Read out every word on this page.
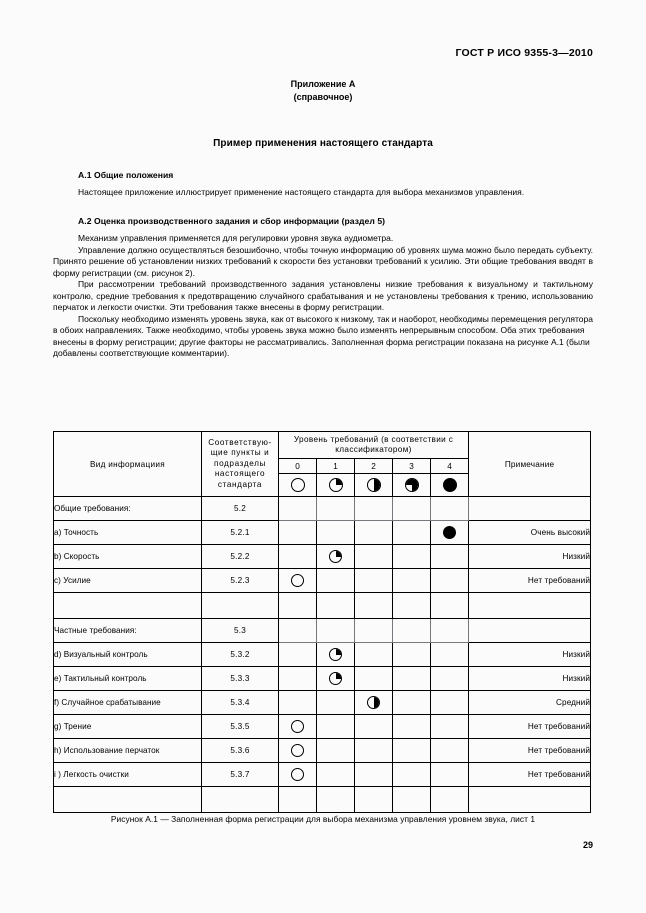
ГОСТ Р ИСО 9355-3—2010
Приложение А
(справочное)
Пример применения настоящего стандарта
А.1 Общие положения

Настоящее приложение иллюстрирует применение настоящего стандарта для выбора механизмов управления.

А.2 Оценка производственного задания и сбор информации (раздел 5)

Механизм управления применяется для регулировки уровня звука аудиометра.

Управление должно осуществляться безошибочно, чтобы точную информацию об уровнях шума можно было передать субъекту. Принято решение об установлении низких требований к скорости без установки требований к усилию. Эти общие требования вводят в форму регистрации (см. рисунок 2).

При рассмотрении требований производственного задания установлены низкие требования к визуальному и тактильному контролю, средние требования к предотвращению случайного срабатывания и не установлены требования к трению, использованию перчаток и легкости очистки. Эти требования также внесены в форму регистрации.

Поскольку необходимо изменять уровень звука, как от высокого к низкому, так и наоборот, необходимы перемещения регулятора в обоих направлениях. Также необходимо, чтобы уровень звука можно было изменять непрерывным способом. Оба этих требования внесены в форму регистрации; другие факторы не рассматривались. Заполненная форма регистрации показана на рисунке А.1 (были добавлены соответствующие комментарии).

Вид информациия	Соответствую- щие пункты и подразделы настоящего стандарта	Уровень требований (в соответствии с классификатором)					Примечание
		0	1	2	3	4	

Общие требования:	5.2						
a) Точность	5.2.1						Очень высокий
b) Скорость	5.2.2						Низкий
c) Усилие	5.2.3						Нет требований

Частные требования:	5.3						
d) Визуальный контроль	5.3.2						Низкий
e) Тактильный контроль	5.3.3						Низкий
f) Случайное срабатывание	5.3.4						Средний
g) Трение	5.3.5						Нет требований
h) Использование перчаток	5.3.6						Нет требований
i ) Легкость очистки	5.3.7						Нет требований

Рисунок А.1 — Заполненная форма регистрации для выбора механизма управления уровнем звука, лист 1
29
